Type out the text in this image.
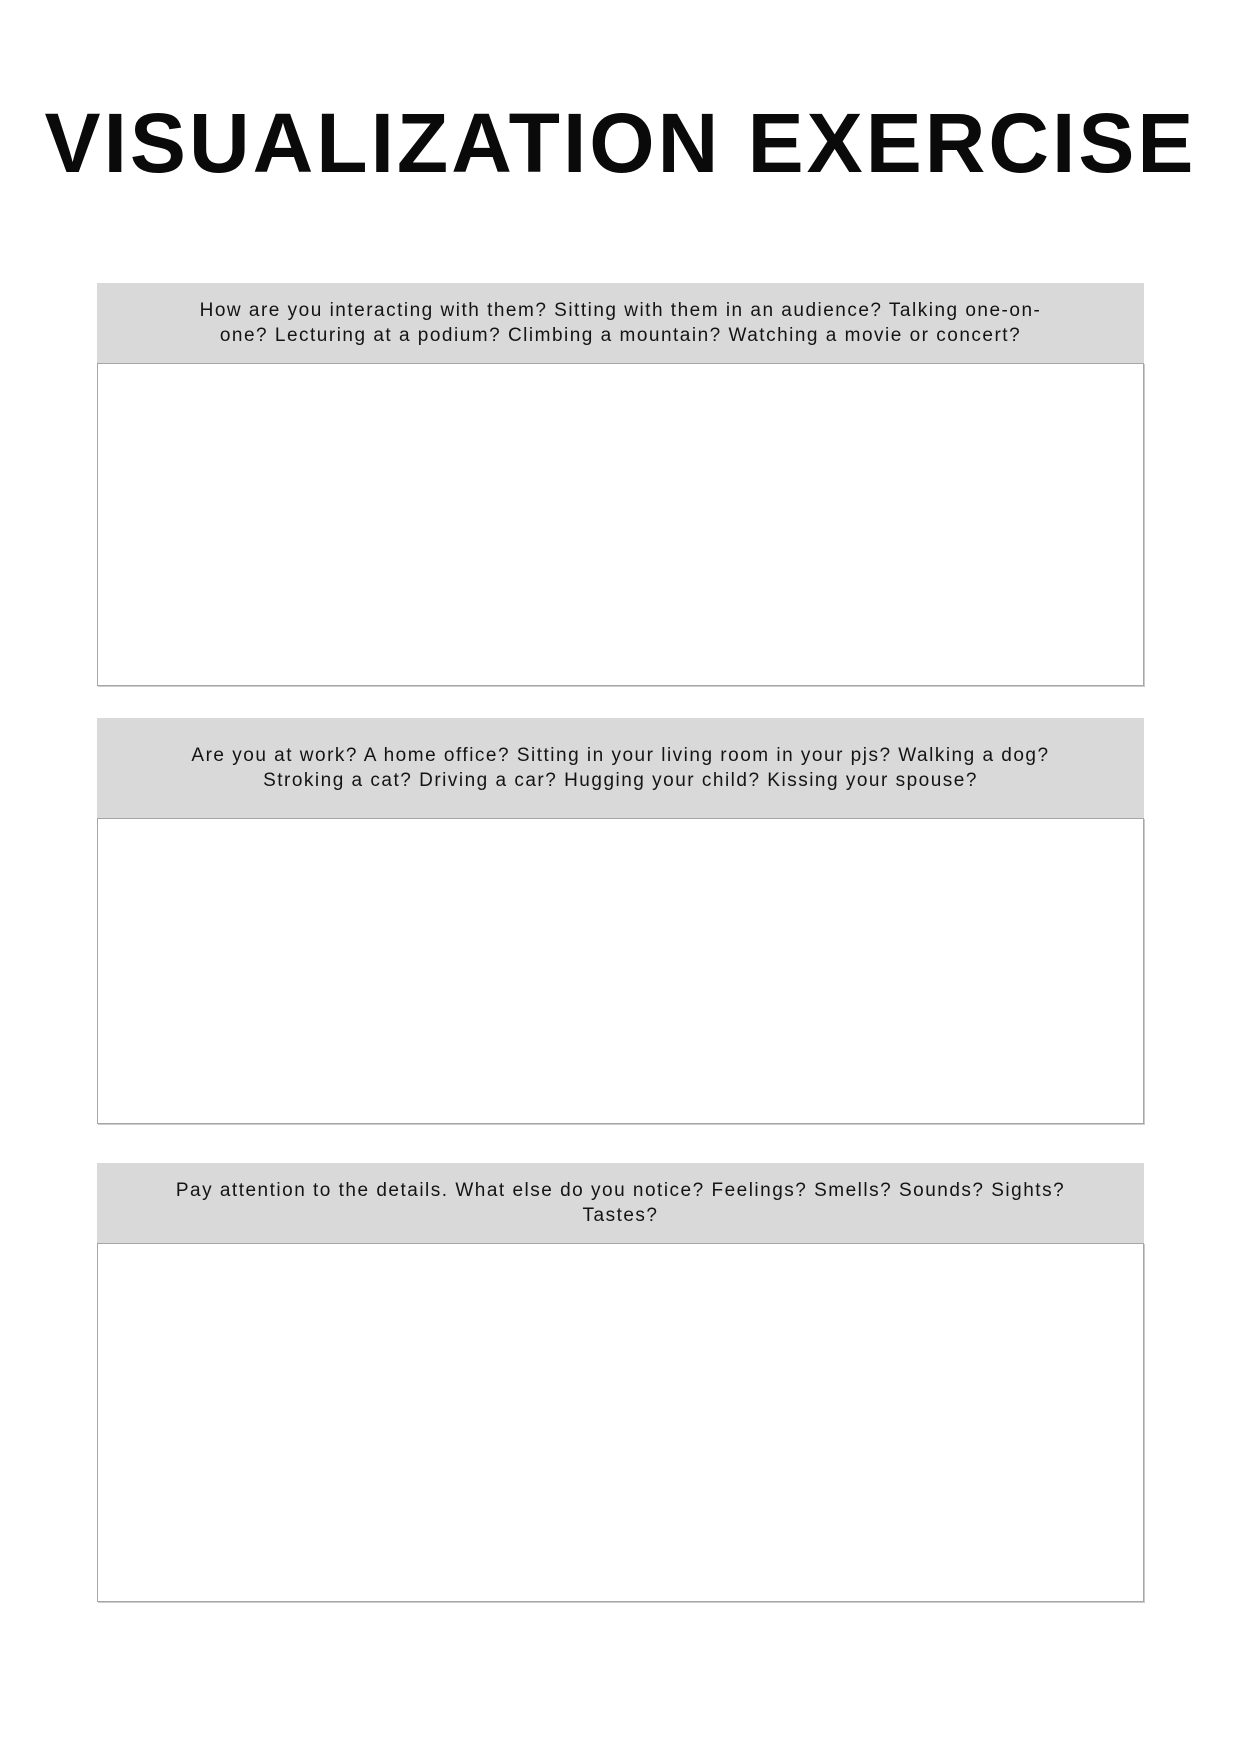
VISUALIZATION EXERCISE
How are you interacting with them? Sitting with them in an audience? Talking one-on-
one? Lecturing at a podium? Climbing a mountain? Watching a movie or concert?
Are you at work? A home office? Sitting in your living room in your pjs? Walking a dog?
Stroking a cat? Driving a car? Hugging your child? Kissing your spouse?
Pay attention to the details. What else do you notice? Feelings? Smells? Sounds? Sights?
Tastes?
